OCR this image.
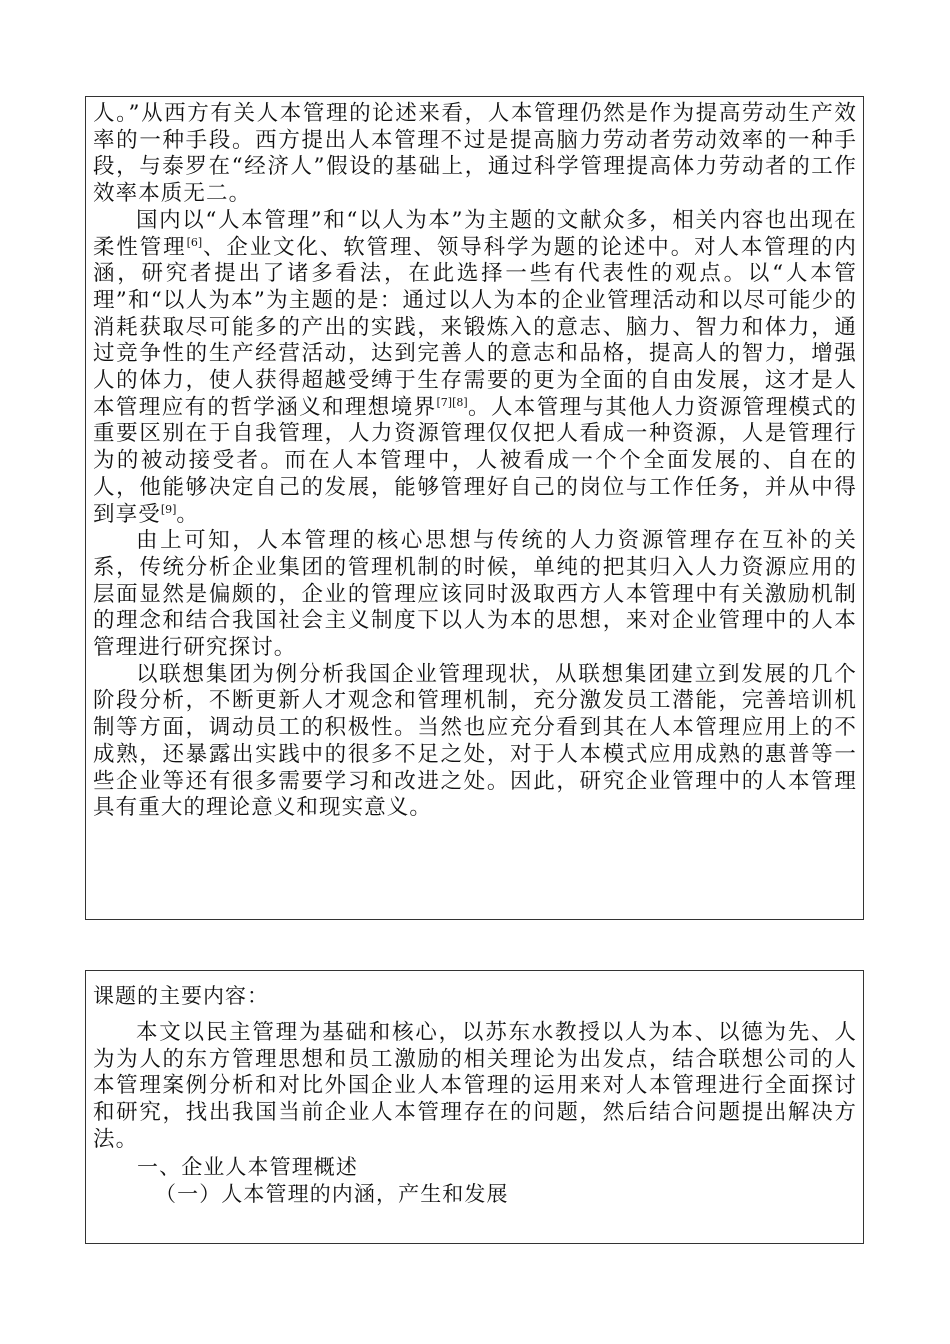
人。”从西方有关人本管理的论述来看，人本管理仍然是作为提高劳动生产效率的一种手段。西方提出人本管理不过是提高脑力劳动者劳动效率的一种手段，与泰罗在“经济人”假设的基础上，通过科学管理提高体力劳动者的工作效率本质无二。

国内以“人本管理”和“以人为本”为主题的文献众多，相关内容也出现在柔性管理[6]、企业文化、软管理、领导科学为题的论述中。对人本管理的内涵，研究者提出了诸多看法，在此选择一些有代表性的观点。以“人本管理”和“以人为本”为主题的是：通过以人为本的企业管理活动和以尽可能少的消耗获取尽可能多的产出的实践，来锻炼入的意志、脑力、智力和体力，通过竞争性的生产经营活动，达到完善人的意志和品格，提高人的智力，增强人的体力，使人获得超越受缚于生存需要的更为全面的自由发展，这才是人本管理应有的哲学涵义和理想境界[7][8]。人本管理与其他人力资源管理模式的重要区别在于自我管理，人力资源管理仅仅把人看成一种资源，人是管理行为的被动接受者。而在人本管理中，人被看成一个个全面发展的、自在的人，他能够决定自己的发展，能够管理好自己的岗位与工作任务，并从中得到享受[9]。

由上可知，人本管理的核心思想与传统的人力资源管理存在互补的关系，传统分析企业集团的管理机制的时候，单纯的把其归入人力资源应用的层面显然是偏颇的，企业的管理应该同时汲取西方人本管理中有关激励机制的理念和结合我国社会主义制度下以人为本的思想，来对企业管理中的人本管理进行研究探讨。

以联想集团为例分析我国企业管理现状，从联想集团建立到发展的几个阶段分析，不断更新人才观念和管理机制，充分激发员工潜能，完善培训机制等方面，调动员工的积极性。当然也应充分看到其在人本管理应用上的不成熟，还暴露出实践中的很多不足之处，对于人本模式应用成熟的惠普等一些企业等还有很多需要学习和改进之处。因此，研究企业管理中的人本管理具有重大的理论意义和现实意义。

课题的主要内容：

本文以民主管理为基础和核心，以苏东水教授以人为本、以德为先、人为为人的东方管理思想和员工激励的相关理论为出发点，结合联想公司的人本管理案例分析和对比外国企业人本管理的运用来对人本管理进行全面探讨和研究，找出我国当前企业人本管理存在的问题，然后结合问题提出解决方法。

一、企业人本管理概述

（一）人本管理的内涵，产生和发展
